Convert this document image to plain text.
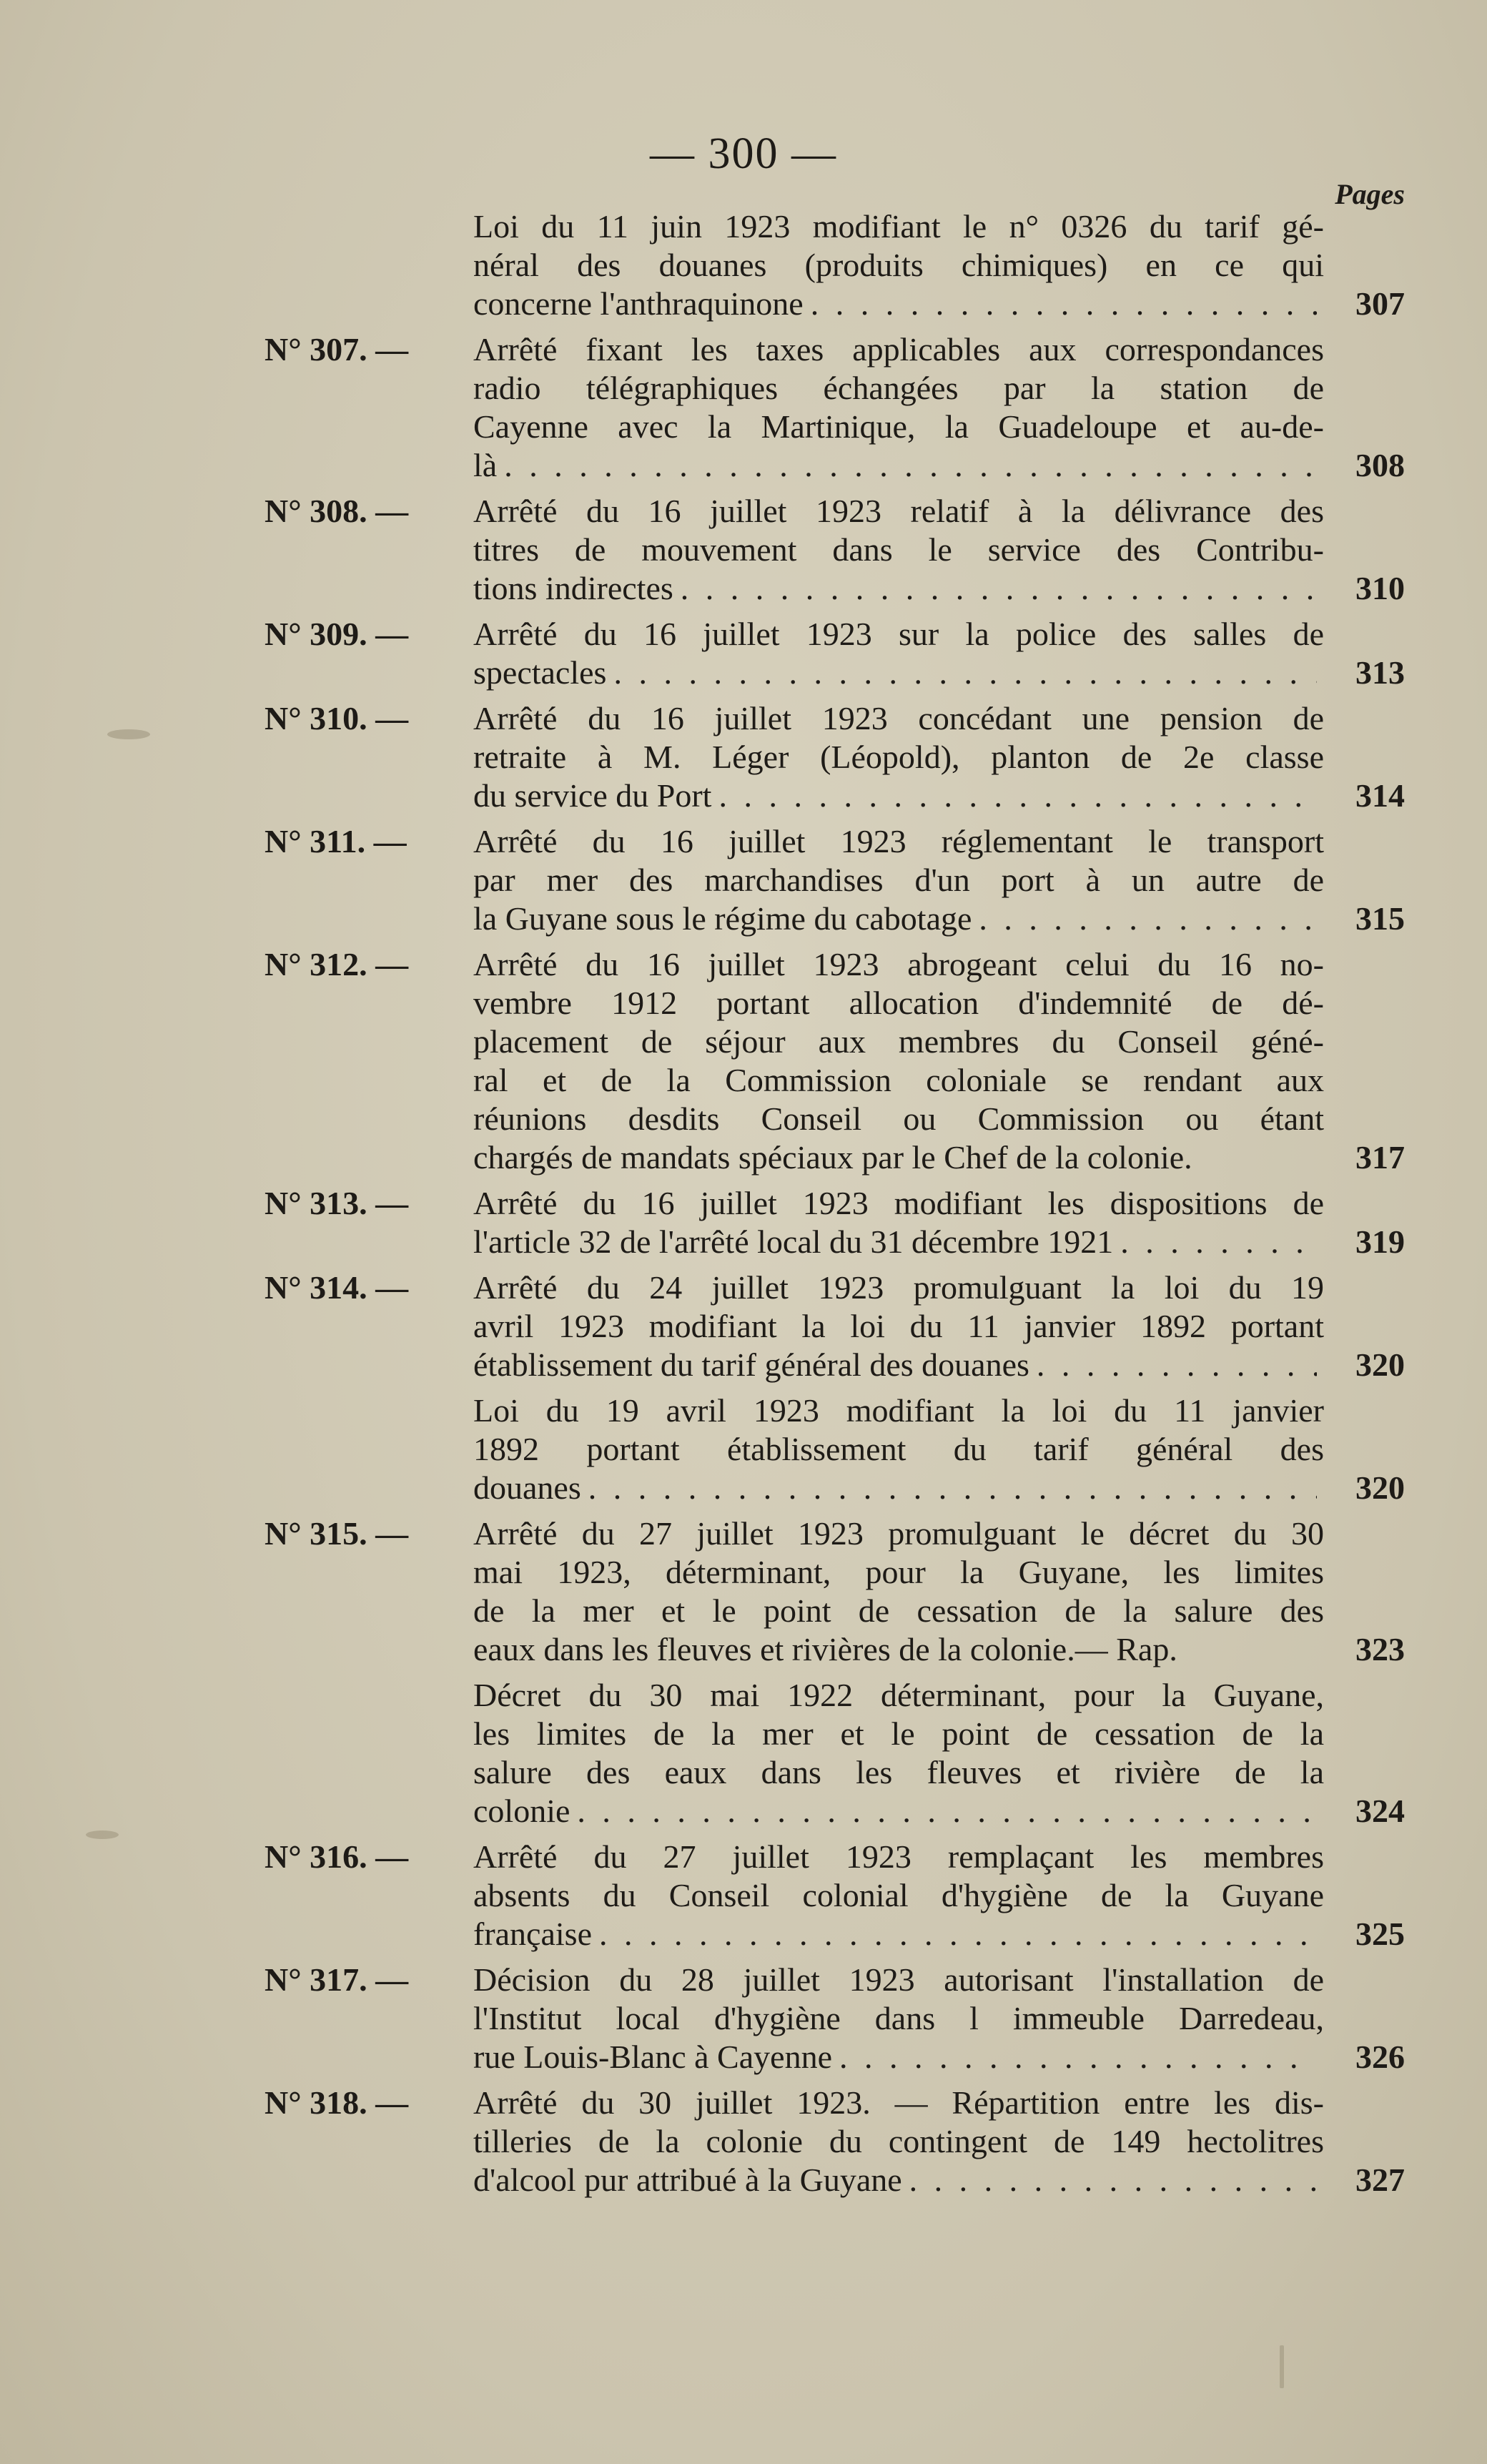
— 300 —
Pages
Loi du 11 juin 1923 modifiant le n° 0326 du tarif gé-
néral des douanes (produits chimiques) en ce qui
concerne l'anthraquinone . . .	307
N° 307. —	Arrêté fixant les taxes applicables aux correspondances
radio télégraphiques échangées par la station de
Cayenne avec la Martinique, la Guadeloupe et au-de-
là . . .	308
N° 308. —	Arrêté du 16 juillet 1923 relatif à la délivrance des
titres de mouvement dans le service des Contribu-
tions indirectes . . .	310
N° 309. —	Arrêté du 16 juillet 1923 sur la police des salles de
spectacles . . .	313
N° 310. —	Arrêté du 16 juillet 1923 concédant une pension de
retraite à M. Léger (Léopold), planton de 2e classe
du service du Port . . .	314
N° 311. —	Arrêté du 16 juillet 1923 réglementant le transport
par mer des marchandises d'un port à un autre de
la Guyane sous le régime du cabotage . . .	315
N° 312. —	Arrêté du 16 juillet 1923 abrogeant celui du 16 no-
vembre 1912 portant allocation d'indemnité de dé-
placement de séjour aux membres du Conseil géné-
ral et de la Commission coloniale se rendant aux
réunions desdits Conseil ou Commission ou étant
chargés de mandats spéciaux par le Chef de la colonie.	317
N° 313. —	Arrêté du 16 juillet 1923 modifiant les dispositions de
l'article 32 de l'arrêté local du 31 décembre 1921 . . .	319
N° 314. —	Arrêté du 24 juillet 1923 promulguant la loi du 19
avril 1923 modifiant la loi du 11 janvier 1892 portant
établissement du tarif général des douanes . . .	320
Loi du 19 avril 1923 modifiant la loi du 11 janvier
1892 portant établissement du tarif général des
douanes . . .	320
N° 315. —	Arrêté du 27 juillet 1923 promulguant le décret du 30
mai 1923, déterminant, pour la Guyane, les limites
de la mer et le point de cessation de la salure des
eaux dans les fleuves et rivières de la colonie.— Rap.	323
Décret du 30 mai 1922 déterminant, pour la Guyane,
les limites de la mer et le point de cessation de la
salure des eaux dans les fleuves et rivière de la
colonie . . .	324
N° 316. —	Arrêté du 27 juillet 1923 remplaçant les membres
absents du Conseil colonial d'hygiène de la Guyane
française . . .	325
N° 317. —	Décision du 28 juillet 1923 autorisant l'installation de
l'Institut local d'hygiène dans l immeuble Darredeau,
rue Louis-Blanc à Cayenne . . .	326
N° 318. —	Arrêté du 30 juillet 1923. — Répartition entre les dis-
tilleries de la colonie du contingent de 149 hectolitres
d'alcool pur attribué à la Guyane . . .	327
